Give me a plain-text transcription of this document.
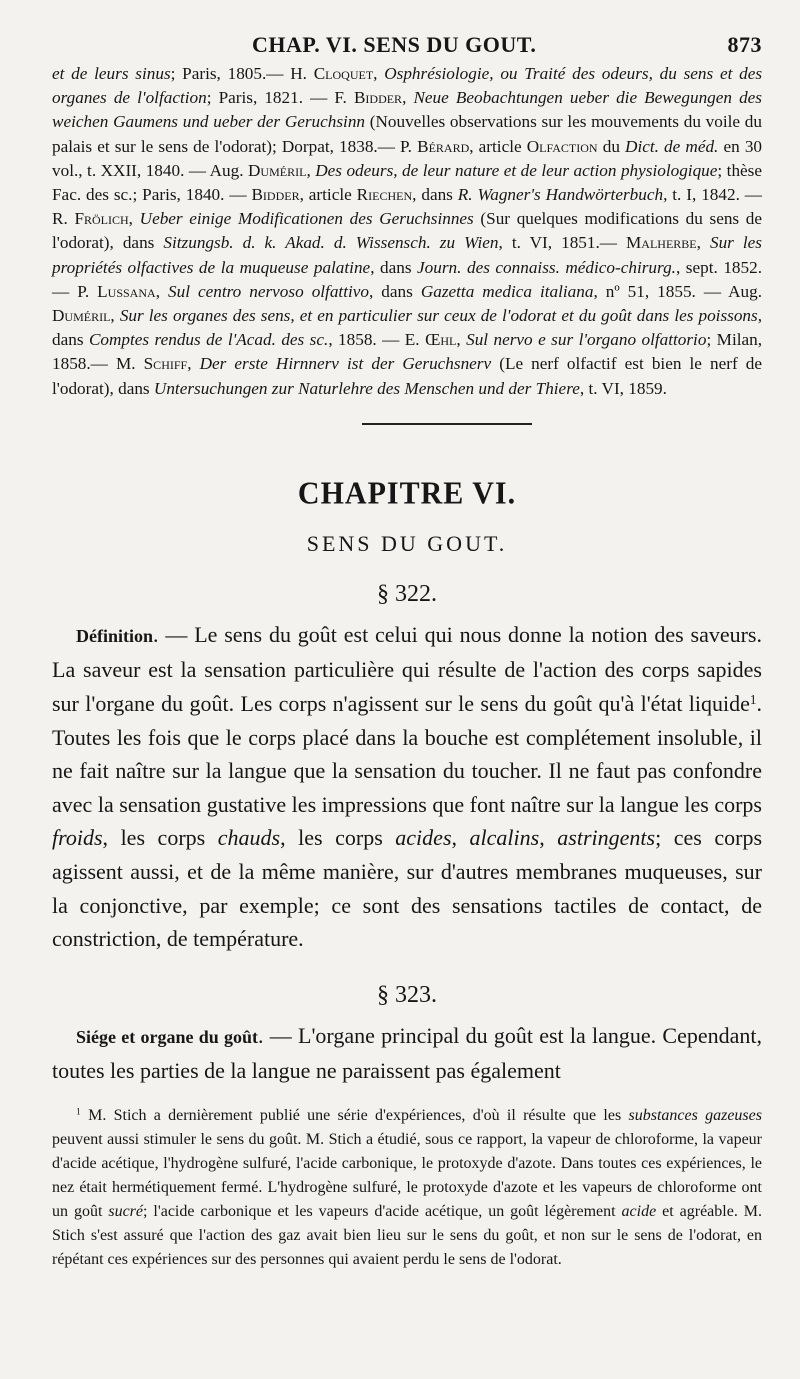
CHAP. VI. SENS DU GOUT.	873
et de leurs sinus; Paris, 1805.— H. Cloquet, Osphrésiologie, ou Traité des odeurs, du sens et des organes de l'olfaction; Paris, 1821. — F. Bidder, Neue Beobachtungen ueber die Bewegungen des weichen Gaumens und ueber der Geruchsinn (Nouvelles observations sur les mouvements du voile du palais et sur le sens de l'odorat); Dorpat, 1838.— P. Bérard, article Olfaction du Dict. de méd. en 30 vol., t. XXII, 1840. — Aug. Duméril, Des odeurs, de leur nature et de leur action physiologique; thèse Fac. des sc.; Paris, 1840. — Bidder, article Riechen, dans R. Wagner's Handwörterbuch, t. I, 1842. — R. Frölich, Ueber einige Modificationen des Geruchsinnes (Sur quelques modifications du sens de l'odorat), dans Sitzungsb. d. k. Akad. d. Wissensch. zu Wien, t. VI, 1851.— Malherbe, Sur les propriétés olfactives de la muqueuse palatine, dans Journ. des connaiss. médico-chirurg., sept. 1852. — P. Lussana, Sul centro nervoso olfattivo, dans Gazetta medica italiana, nº 51, 1855. — Aug. Duméril, Sur les organes des sens, et en particulier sur ceux de l'odorat et du goût dans les poissons, dans Comptes rendus de l'Acad. des sc., 1858. — E. Œhl, Sul nervo e sur l'organo olfattorio; Milan, 1858.— M. Schiff, Der erste Hirnnerv ist der Geruchsnerv (Le nerf olfactif est bien le nerf de l'odorat), dans Untersuchungen zur Naturlehre des Menschen und der Thiere, t. VI, 1859.
CHAPITRE VI.
SENS DU GOUT.
§ 322.

Définition. — Le sens du goût est celui qui nous donne la notion des saveurs. La saveur est la sensation particulière qui résulte de l'action des corps sapides sur l'organe du goût. Les corps n'agissent sur le sens du goût qu'à l'état liquide$^1$. Toutes les fois que le corps placé dans la bouche est complétement insoluble, il ne fait naître sur la langue que la sensation du toucher. Il ne faut pas confondre avec la sensation gustative les impressions que font naître sur la langue les corps froids, les corps chauds, les corps acides, alcalins, astringents; ces corps agissent aussi, et de la même manière, sur d'autres membranes muqueuses, sur la conjonctive, par exemple; ce sont des sensations tactiles de contact, de constriction, de température.

§ 323.

Siége et organe du goût. — L'organe principal du goût est la langue. Cependant, toutes les parties de la langue ne paraissent pas également

$^1$ M. Stich a dernièrement publié une série d'expériences, d'où il résulte que les substances gazeuses peuvent aussi stimuler le sens du goût. M. Stich a étudié, sous ce rapport, la vapeur de chloroforme, la vapeur d'acide acétique, l'hydrogène sulfuré, l'acide carbonique, le protoxyde d'azote. Dans toutes ces expériences, le nez était hermétiquement fermé. L'hydrogène sulfuré, le protoxyde d'azote et les vapeurs de chloroforme ont un goût sucré; l'acide carbonique et les vapeurs d'acide acétique, un goût légèrement acide et agréable. M. Stich s'est assuré que l'action des gaz avait bien lieu sur le sens du goût, et non sur le sens de l'odorat, en répétant ces expériences sur des personnes qui avaient perdu le sens de l'odorat.
